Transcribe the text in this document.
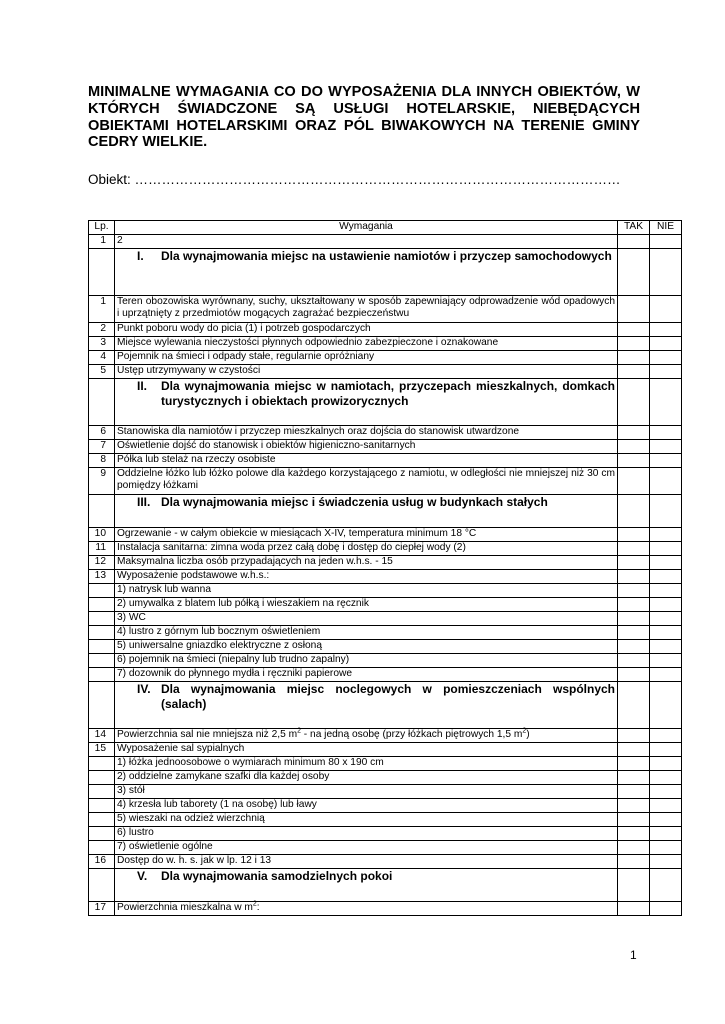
MINIMALNE WYMAGANIA CO DO WYPOSAŻENIA DLA INNYCH OBIEKTÓW, W KTÓRYCH ŚWIADCZONE SĄ USŁUGI HOTELARSKIE, NIEBĘDĄCYCH OBIEKTAMI HOTELARSKIMI ORAZ PÓL BIWAKOWYCH NA TERENIE GMINY CEDRY WIELKIE.
Obiekt: ………………………………………………………………………………………………
Lp.	Wymagania	TAK	NIE
1	2		

	I. Dla wynajmowania miejsc na ustawienie namiotów i przyczep samochodowych		

1	Teren obozowiska wyrównany, suchy, ukształtowany w sposób zapewniający odprowadzenie wód opadowych i uprzątnięty z przedmiotów mogących zagrażać bezpieczeństwu		
2	Punkt poboru wody do picia (1) i potrzeb gospodarczych		
3	Miejsce wylewania nieczystości płynnych odpowiednio zabezpieczone i oznakowane		
4	Pojemnik na śmieci i odpady stałe, regularnie opróżniany		
5	Ustęp utrzymywany w czystości		

	II. Dla wynajmowania miejsc w namiotach, przyczepach mieszkalnych, domkach turystycznych i obiektach prowizorycznych		

6	Stanowiska dla namiotów i przyczep mieszkalnych oraz dojścia do stanowisk utwardzone		
7	Oświetlenie dojść do stanowisk i obiektów higieniczno-sanitarnych		
8	Półka lub stelaż na rzeczy osobiste		
9	Oddzielne łóżko lub łóżko polowe dla każdego korzystającego z namiotu, w odległości nie mniejszej niż 30 cm pomiędzy łóżkami		

	III. Dla wynajmowania miejsc i świadczenia usług w budynkach stałych		

10	Ogrzewanie - w całym obiekcie w miesiącach X-IV, temperatura minimum 18 °C		
11	Instalacja sanitarna: zimna woda przez całą dobę i dostęp do ciepłej wody (2)		
12	Maksymalna liczba osób przypadających na jeden w.h.s. - 15		
13	Wyposażenie podstawowe w.h.s.:		
	1) natrysk lub wanna		
	2) umywalka z blatem lub półką i wieszakiem na ręcznik		
	3) WC		
	4) lustro z górnym lub bocznym oświetleniem		
	5) uniwersalne gniazdko elektryczne z osłoną		
	6) pojemnik na śmieci (niepalny lub trudno zapalny)		
	7) dozownik do płynnego mydła i ręczniki papierowe		

	IV. Dla wynajmowania miejsc noclegowych w pomieszczeniach wspólnych (salach)		

14	Powierzchnia sal nie mniejsza niż 2,5 $m^2$ - na jedną osobę (przy łóżkach piętrowych 1,5 $m^2$)		
15	Wyposażenie sal sypialnych		
	1) łóżka jednoosobowe o wymiarach minimum 80 x 190 cm		
	2) oddzielne zamykane szafki dla każdej osoby		
	3) stół		
	4) krzesła lub taborety (1 na osobę) lub ławy		
	5) wieszaki na odzież wierzchnią		
	6) lustro		
	7) oświetlenie ogólne		
16	Dostęp do w. h. s. jak w lp. 12 i 13		

	V. Dla wynajmowania samodzielnych pokoi		

17	Powierzchnia mieszkalna w $m^2$:		
1
